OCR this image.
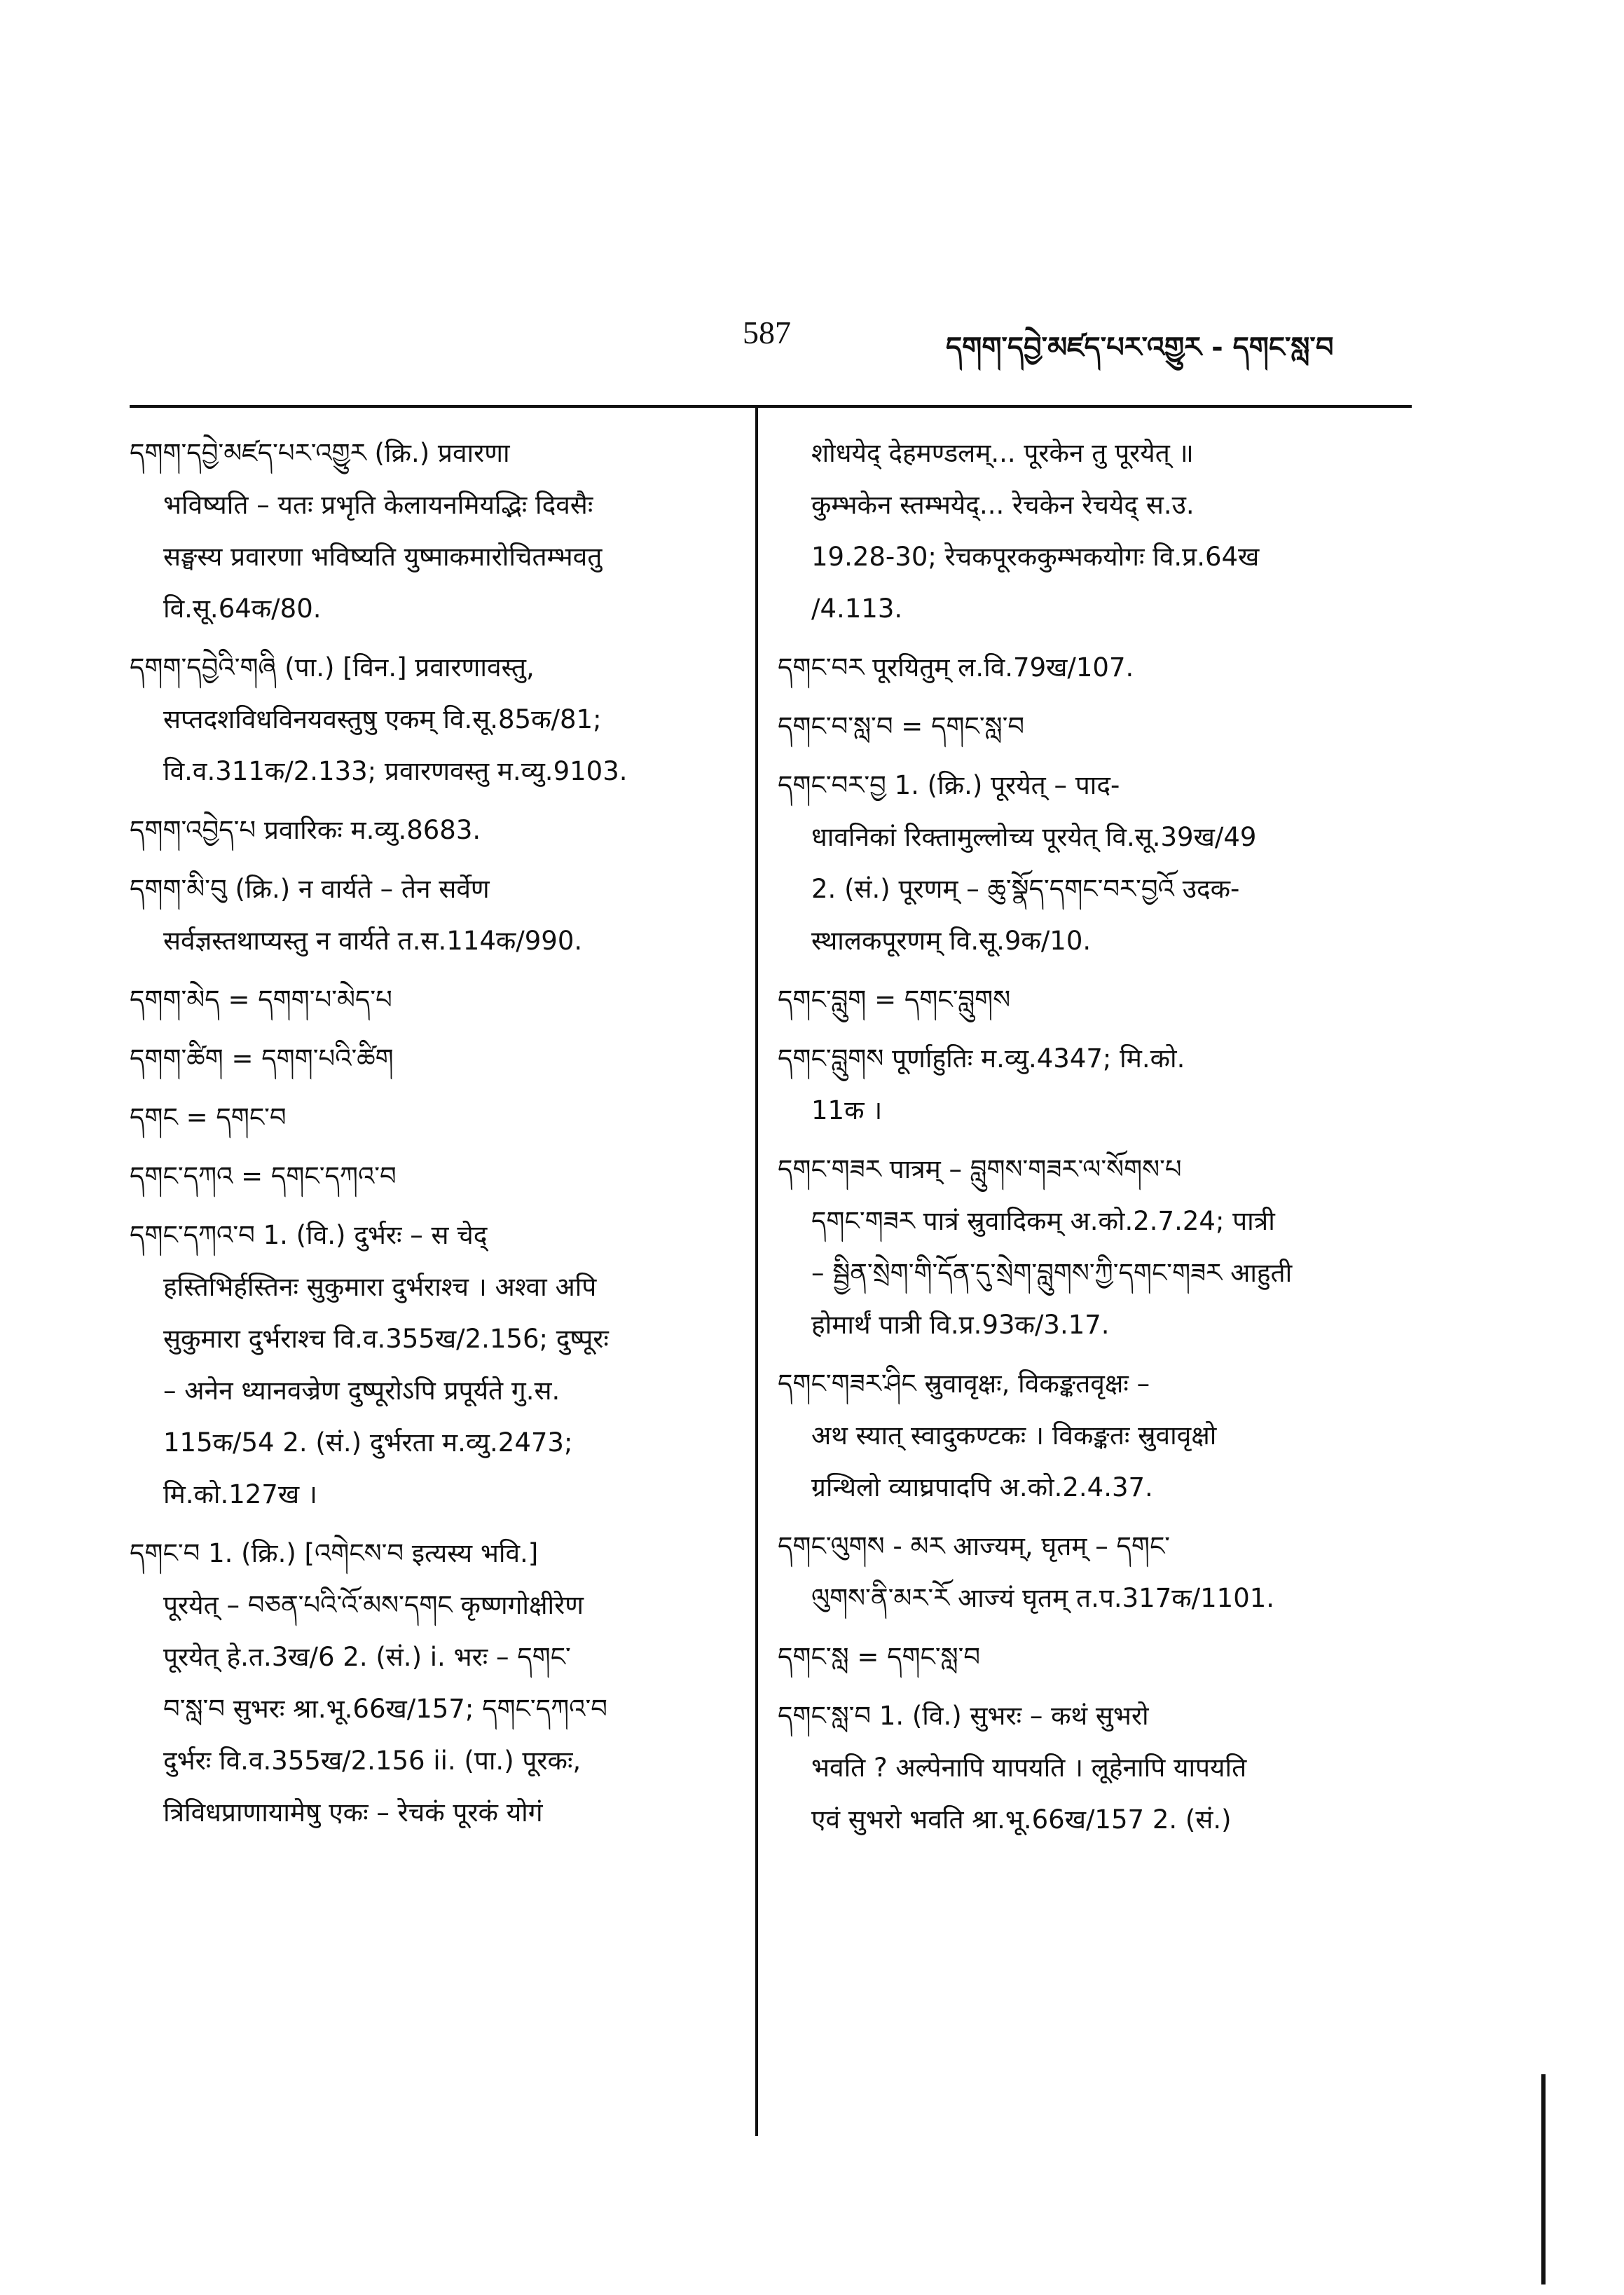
587	དགག་དབྱེ་མཛད་པར་འགྱུར - དགང་སླ་བ

དགག་དབྱེ་མཛད་པར་འགྱུར (क्रि.) प्रवारणा

भविष्यति – यतः प्रभृति केलायनमियद्भिः दिवसैः

सङ्घस्य प्रवारणा भविष्यति युष्माकमारोचितम्भवतु

वि.सू.64क/80.

དགག་དབྱེའི་གཞི (पा.) [विन.] प्रवारणावस्तु,

सप्तदशविधविनयवस्तुषु एकम् वि.सू.85क/81;

वि.व.311क/2.133; प्रवारणवस्तु म.व्यु.9103.

དགག་འབྱེད་པ प्रवारिकः म.व्यु.8683.

དགག་མི་བུ (क्रि.) न वार्यते – तेन सर्वेण

सर्वज्ञस्तथाप्यस्तु न वार्यते त.स.114क/990.

དགག་མེད = དགག་པ་མེད་པ

དགག་ཚིག = དགག་པའི་ཚིག

དགང = དགང་བ

དགང་དཀའ = དགང་དཀའ་བ

དགང་དཀའ་བ 1. (वि.) दुर्भरः – स चेद्

हस्तिभिर्हस्तिनः सुकुमारा दुर्भराश्च । अश्वा अपि

सुकुमारा दुर्भराश्च वि.व.355ख/2.156; दुष्पूरः

– अनेन ध्यानवज्रेण दुष्पूरोऽपि प्रपूर्यते गु.स.

115क/54 2. (सं.) दुर्भरता म.व्यु.2473;

मि.को.127ख ।

དགང་བ 1. (क्रि.) [འགེངས་བ इत्यस्य भवि.]

पूरयेत् – བཅན་པའི་འོ་མས་དགང कृष्णगोक्षीरेण

पूरयेत् हे.त.3ख/6 2. (सं.) i. भरः – དགང་

བ་སླ་བ सुभरः श्रा.भू.66ख/157; དགང་དཀའ་བ

दुर्भरः वि.व.355ख/2.156 ii. (पा.) पूरकः,

त्रिविधप्राणायामेषु एकः – रेचकं पूरकं योगं

शोधयेद् देहमण्डलम्... पूरकेन तु पूरयेत् ॥

कुम्भकेन स्तम्भयेद्... रेचकेन रेचयेद् स.उ.

19.28-30; रेचकपूरककुम्भकयोगः वि.प्र.64ख

/4.113.

དགང་བར पूरयितुम् ल.वि.79ख/107.

དགང་བ་སླ་བ = དགང་སླ་བ

དགང་བར་བྱ 1. (क्रि.) पूरयेत् – पाद-

धावनिकां रिक्तामुल्लोच्य पूरयेत् वि.सू.39ख/49

2. (सं.) पूरणम् – ཆུ་སྣོད་དགང་བར་བྱའོ उदक-

स्थालकपूरणम् वि.सू.9क/10.

དགང་བླུག = དགང་བླུགས

དགང་བླུགས पूर्णाहुतिः म.व्यु.4347; मि.को.

11क ।

དགང་གཟར पात्रम् – བླུགས་གཟར་ལ་སོགས་པ

དགང་གཟར पात्रं स्रुवादिकम् अ.को.2.7.24; पात्री

– སྦྱིན་སྲེག་གི་དོན་དུ་སྲེག་བླུགས་ཀྱི་དགང་གཟར आहुती

होमार्थं पात्री वि.प्र.93क/3.17.

དགང་གཟར་ཤིང स्रुवावृक्षः, विकङ्कतवृक्षः –

अथ स्यात् स्वादुकण्टकः । विकङ्कतः स्रुवावृक्षो

ग्रन्थिलो व्याघ्रपादपि अ.को.2.4.37.

དགང་ལུགས - མར आज्यम्, घृतम् – དགང་

ལུགས་ནི་མར་རོ आज्यं घृतम् त.प.317क/1101.

དགང་སླ = དགང་སླ་བ

དགང་སླ་བ 1. (वि.) सुभरः – कथं सुभरो

भवति ? अल्पेनापि यापयति । लूहेनापि यापयति

एवं सुभरो भवति श्रा.भू.66ख/157 2. (सं.)
